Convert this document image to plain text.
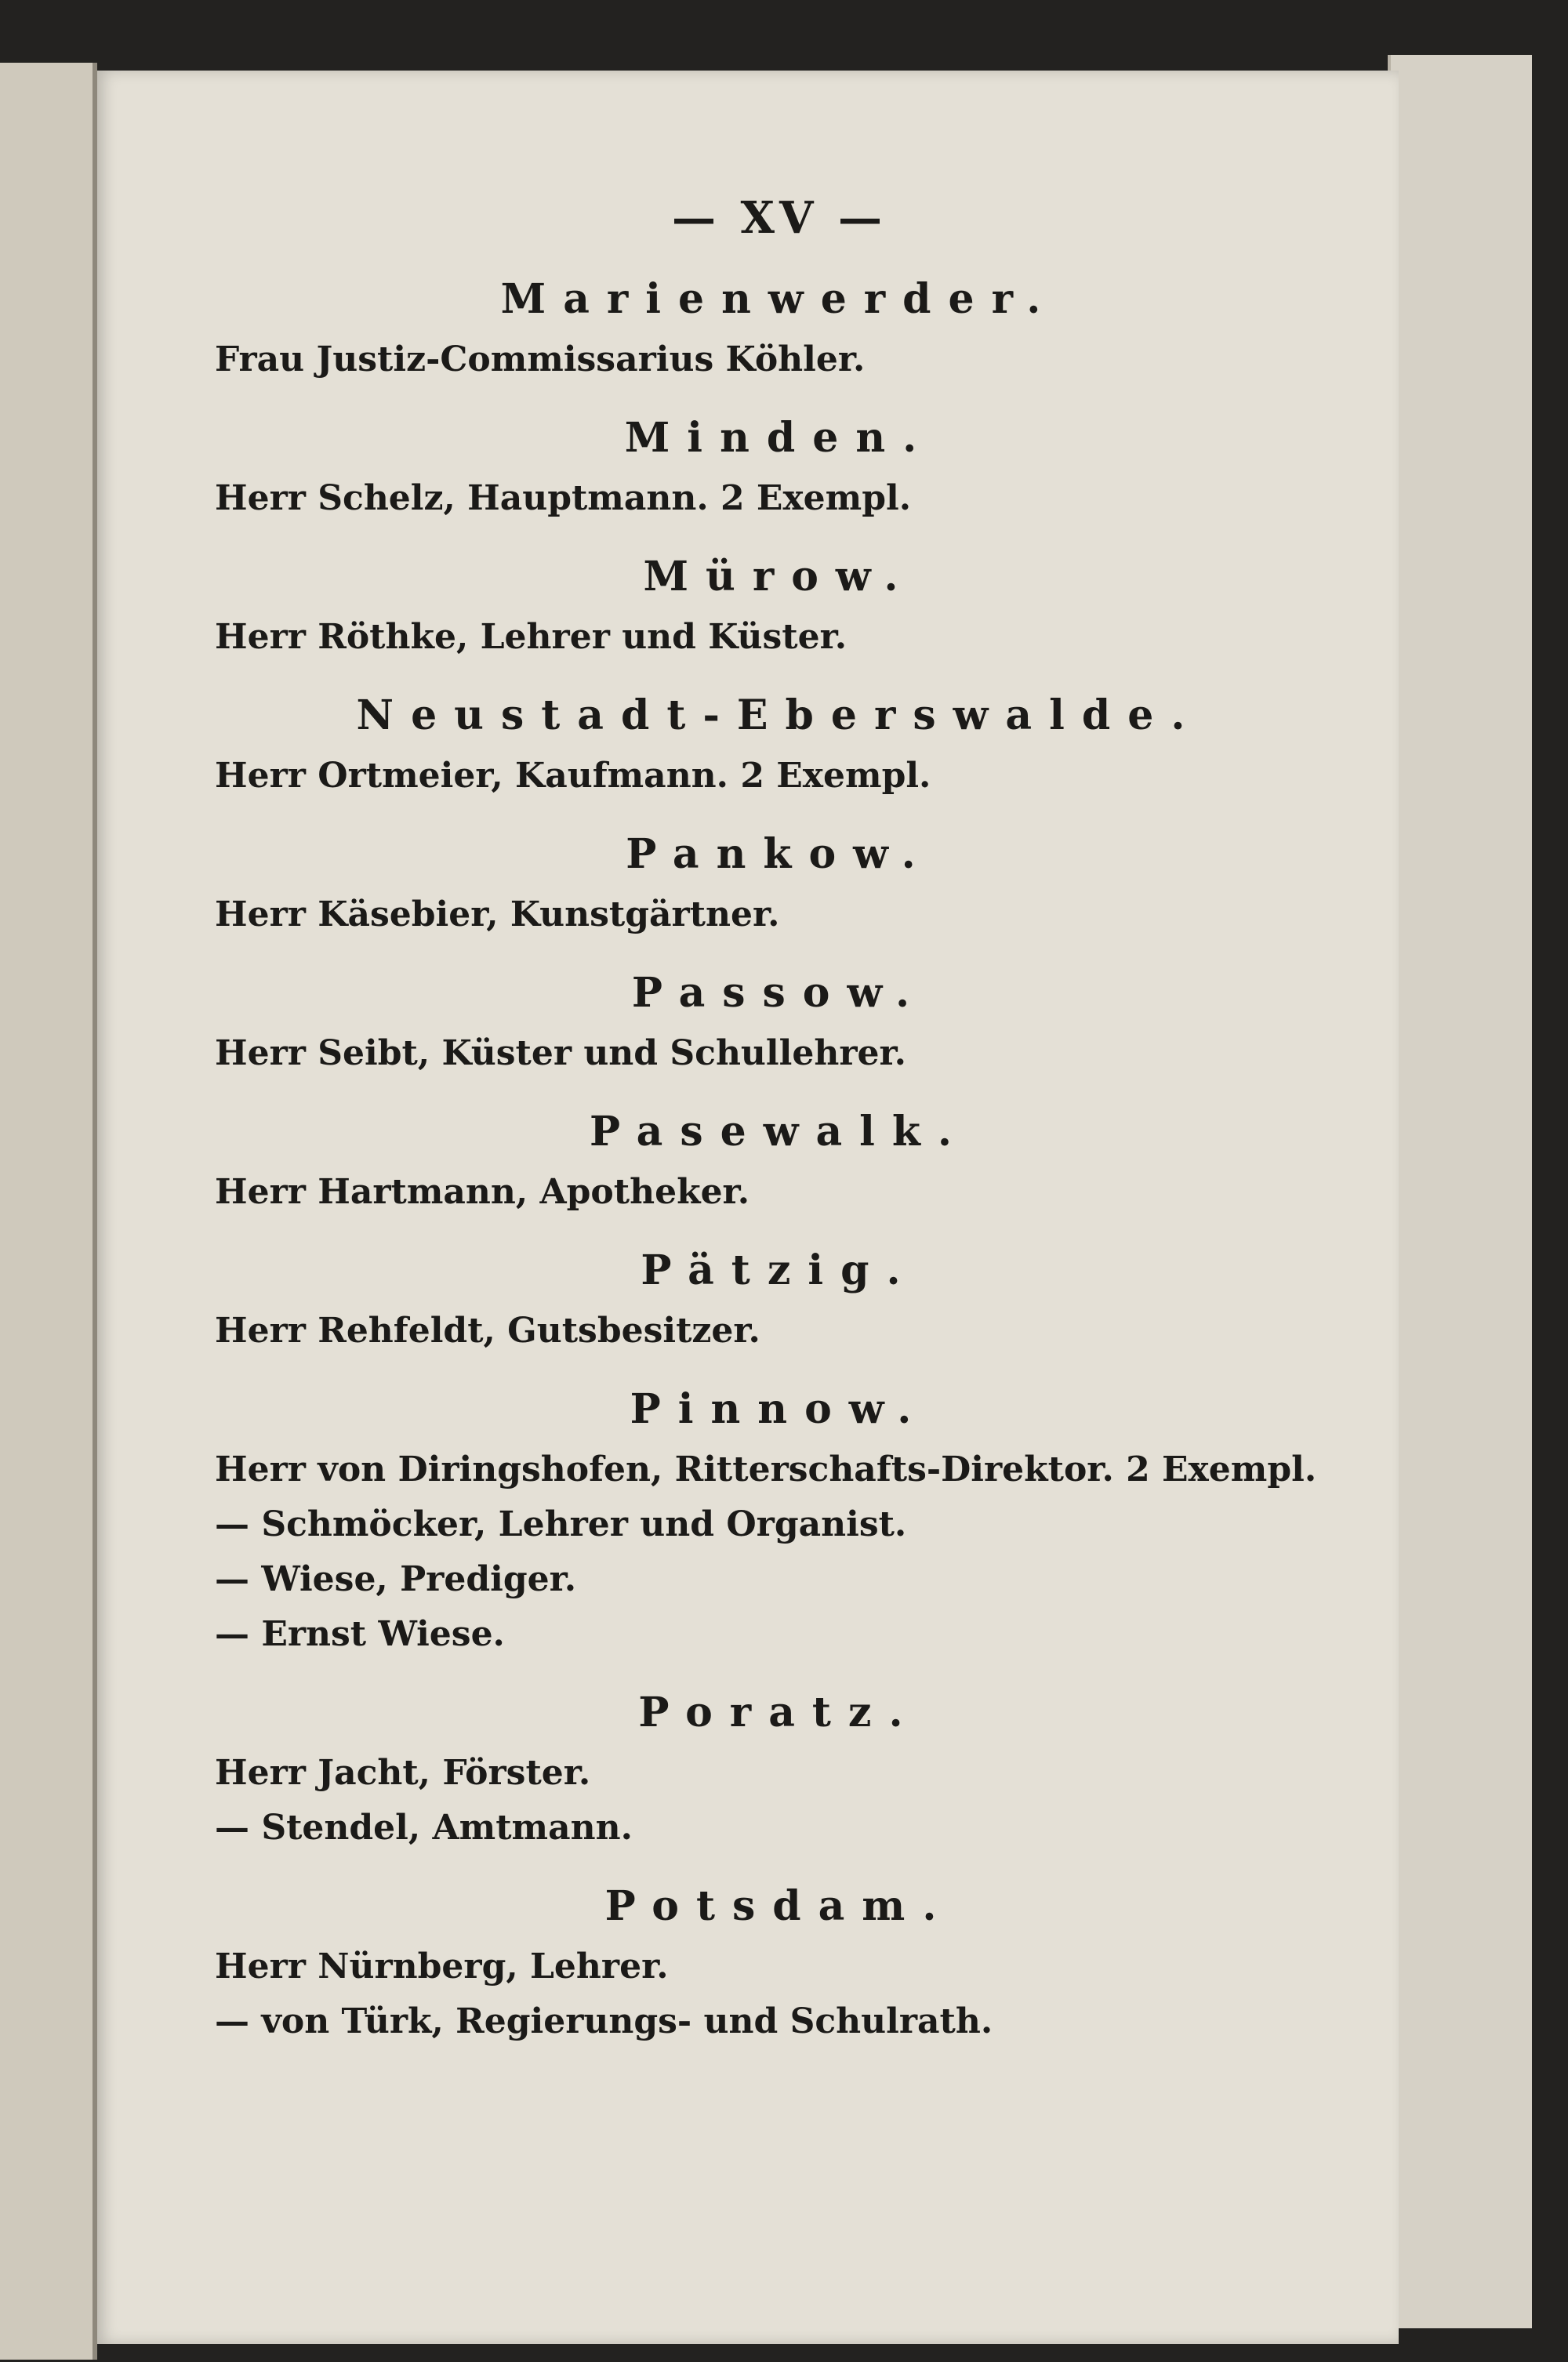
— XV —
Marienwerder.
Frau Justiz-Commissarius Köhler.
Minden.
Herr Schelz, Hauptmann. 2 Exempl.
Mürow.
Herr Röthke, Lehrer und Küster.
Neustadt-Eberswalde.
Herr Ortmeier, Kaufmann. 2 Exempl.
Pankow.
Herr Käsebier, Kunstgärtner.
Passow.
Herr Seibt, Küster und Schullehrer.
Pasewalk.
Herr Hartmann, Apotheker.
Pätzig.
Herr Rehfeldt, Gutsbesitzer.
Pinnow.
Herr von Diringshofen, Ritterschafts-Direktor. 2 Exempl.
— Schmöcker, Lehrer und Organist.
— Wiese, Prediger.
— Ernst Wiese.
Poratz.
Herr Jacht, Förster.
— Stendel, Amtmann.
Potsdam.
Herr Nürnberg, Lehrer.
— von Türk, Regierungs- und Schulrath.
